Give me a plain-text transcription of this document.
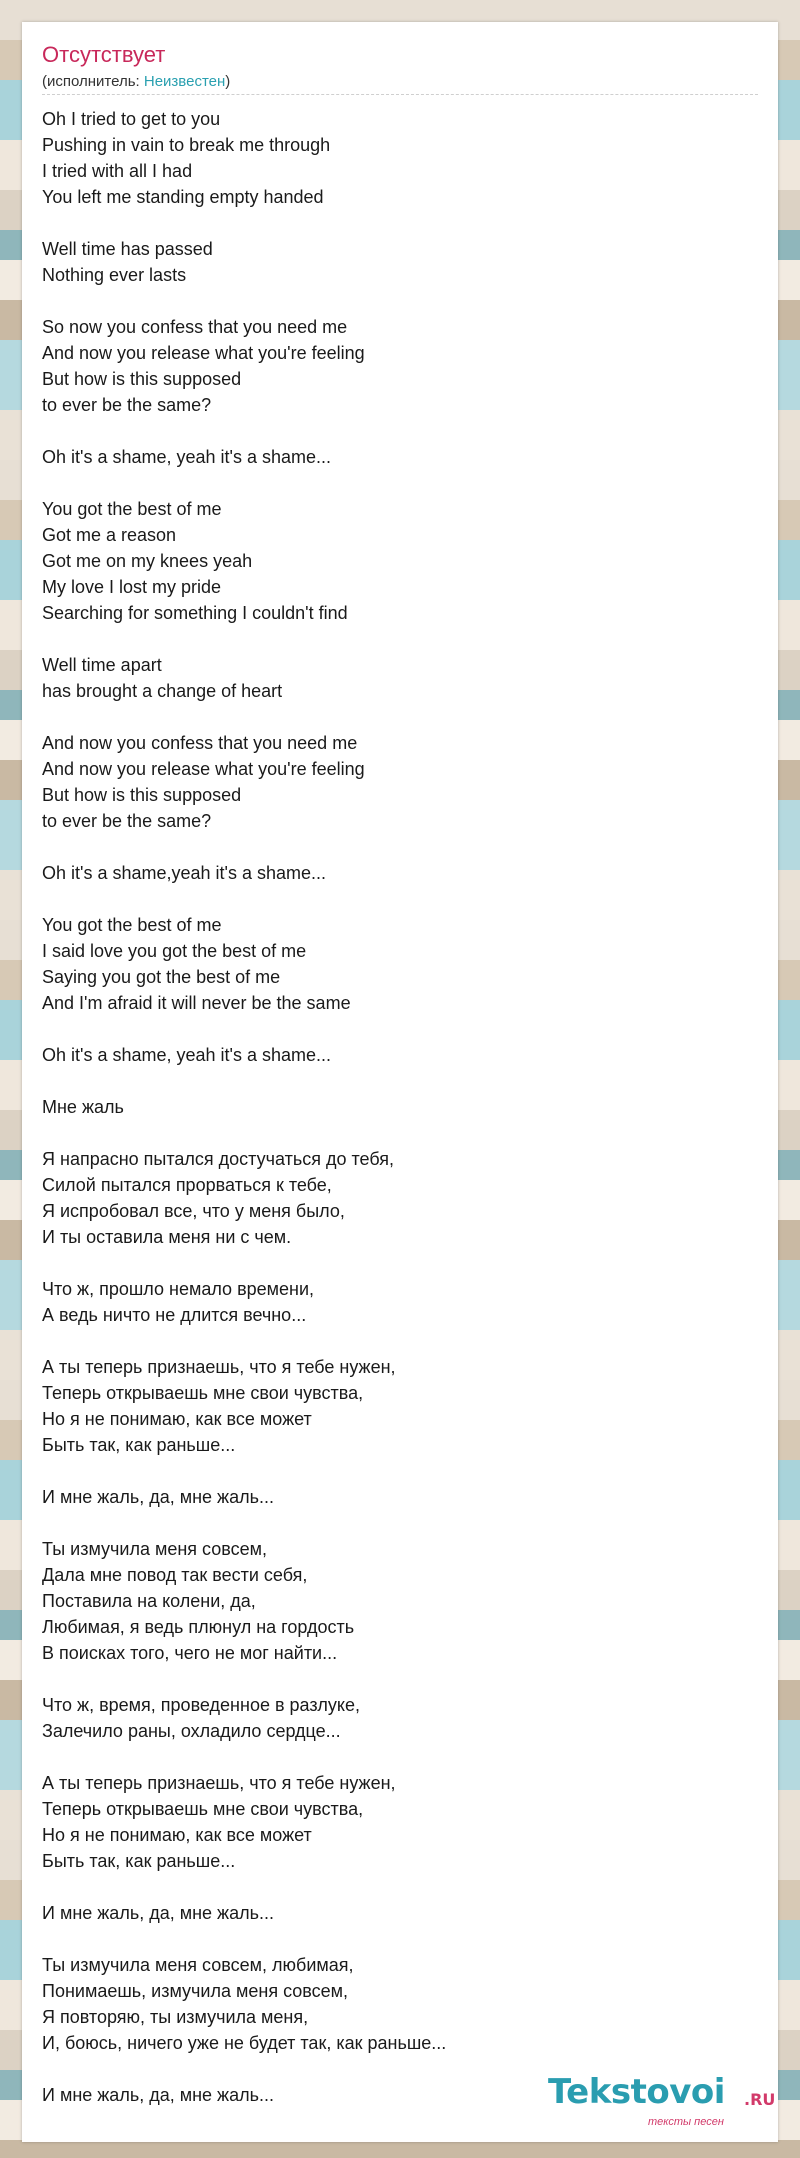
Отсутствует
(исполнитель: Неизвестен)
Oh I tried to get to you
Pushing in vain to break me through
I tried with all I had
You left me standing empty handed
Well time has passed
Nothing ever lasts
So now you confess that you need me
And now you release what you're feeling
But how is this supposed
to ever be the same?
Oh it's a shame, yeah it's a shame...
You got the best of me
Got me a reason
Got me on my knees yeah
My love I lost my pride
Searching for something I couldn't find
Well time apart
has brought a change of heart
And now you confess that you need me
And now you release what you're feeling
But how is this supposed
to ever be the same?
Oh it's a shame,yeah it's a shame...
You got the best of me
I said love you got the best of me
Saying you got the best of me
And I'm afraid it will never be the same
Oh it's a shame, yeah it's a shame...
Мне жаль
Я напрасно пытался достучаться до тебя,
Силой пытался прорваться к тебе,
Я испробовал все, что у меня было,
И ты оставила меня ни с чем.
Что ж, прошло немало времени,
А ведь ничто не длится вечно...
А ты теперь признаешь, что я тебе нужен,
Теперь открываешь мне свои чувства,
Но я не понимаю, как все может
Быть так, как раньше...
И мне жаль, да, мне жаль...
Ты измучила меня совсем,
Дала мне повод так вести себя,
Поставила на колени, да,
Любимая, я ведь плюнул на гордость
В поисках того, чего не мог найти...
Что ж, время, проведенное в разлуке,
Залечило раны, охладило сердце...
А ты теперь признаешь, что я тебе нужен,
Теперь открываешь мне свои чувства,
Но я не понимаю, как все может
Быть так, как раньше...
И мне жаль, да, мне жаль...
Ты измучила меня совсем, любимая,
Понимаешь, измучила меня совсем,
Я повторяю, ты измучила меня,
И, боюсь, ничего уже не будет так, как раньше...
И мне жаль, да, мне жаль...	Tekstovoi .RU
тексты песен
